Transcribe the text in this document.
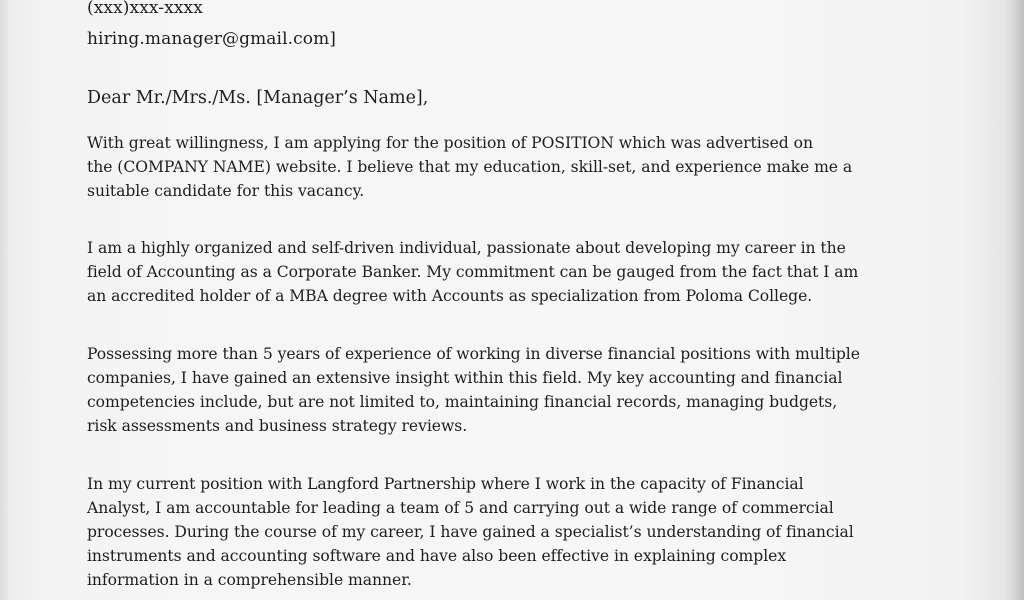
(xxx)xxx-xxxx
hiring.manager@gmail.com]
Dear Mr./Mrs./Ms. [Manager’s Name],
With great willingness, I am applying for the position of POSITION which was advertised on
the (COMPANY NAME) website. I believe that my education, skill-set, and experience make me a
suitable candidate for this vacancy.
I am a highly organized and self-driven individual, passionate about developing my career in the
field of Accounting as a Corporate Banker. My commitment can be gauged from the fact that I am
an accredited holder of a MBA degree with Accounts as specialization from Poloma College.
Possessing more than 5 years of experience of working in diverse financial positions with multiple
companies, I have gained an extensive insight within this field. My key accounting and financial
competencies include, but are not limited to, maintaining financial records, managing budgets,
risk assessments and business strategy reviews.
In my current position with Langford Partnership where I work in the capacity of Financial
Analyst, I am accountable for leading a team of 5 and carrying out a wide range of commercial
processes. During the course of my career, I have gained a specialist’s understanding of financial
instruments and accounting software and have also been effective in explaining complex
information in a comprehensible manner.
